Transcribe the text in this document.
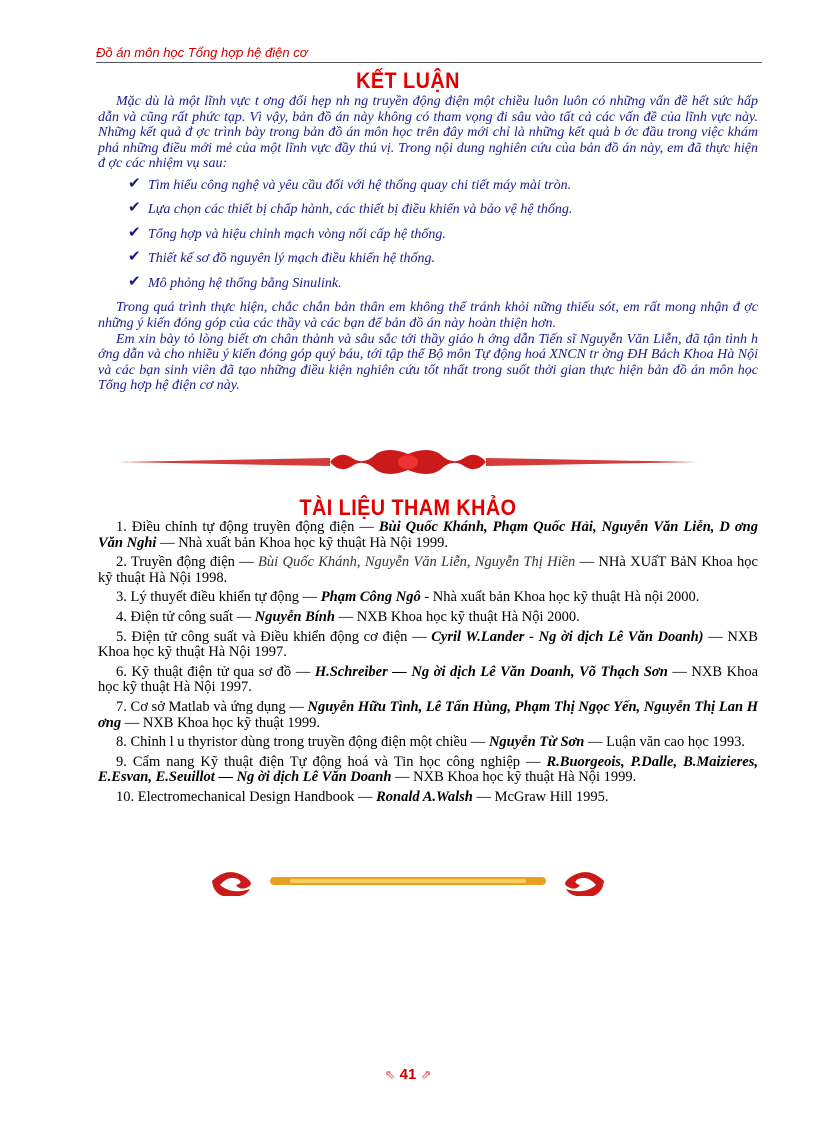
Đồ án môn học Tổng hợp hệ điện cơ
KẾT LUẬN

Mặc dù là một lĩnh vực t ơng đối hẹp nh ng truyền động điện một chiều luôn luôn có những vấn đề hết sức hấp dẫn và cũng rất phức tạp. Vì vậy, bản đồ án này không có tham vọng đi sâu vào tất cả các vấn đề của lĩnh vực này. Những kết quả đ ợc trình bày trong bản đồ án môn học trên đây mới chỉ là những kết quả b ớc đầu trong việc khám phá những điều mới mẻ của một lĩnh vực đầy thú vị. Trong nội dung nghiên cứu của bản đồ án này, em đã thực hiện đ ợc các nhiệm vụ sau:

✔ Tìm hiểu công nghệ và yêu cầu đối với hệ thống quay chi tiết máy mài tròn.
✔ Lựa chọn các thiết bị chấp hành, các thiết bị điều khiển và bảo vệ hệ thống.
✔ Tổng hợp và hiệu chỉnh mạch vòng nối cấp hệ thống.
✔ Thiết kế sơ đồ nguyên lý mạch điều khiển hệ thống.
✔ Mô phỏng hệ thống bằng Sinulink.

Trong quá trình thực hiện, chắc chắn bản thân em không thể tránh khỏi nững thiếu sót, em rất mong nhận đ ợc những ý kiến đóng góp của các thầy và các bạn để bản đồ án này hoàn thiện hơn.

Em xin bày tỏ lòng biết ơn chân thành và sâu sắc tới thầy giáo h ớng dẫn Tiến sĩ Nguyễn Văn Liễn, đã tận tình h ớng dẫn và cho nhiều ý kiến đóng góp quý báu, tới tập thể Bộ môn Tự động hoá XNCN tr ờng ĐH Bách Khoa Hà Nội và các bạn sinh viên đã tạo những điều kiện nghiên cứu tốt nhất trong suốt thời gian thực hiện bản đồ án môn học Tổng hợp hệ điện cơ này.

TÀI LIỆU THAM KHẢO
1. Điều chỉnh tự động truyền động điện — Bùi Quốc Khánh, Phạm Quốc Hải, Nguyễn Văn Liễn, D ơng Văn Nghi — Nhà xuất bản Khoa học kỹ thuật Hà Nội 1999.
2. Truyền động điện — Bùi Quốc Khánh, Nguyễn Văn Liễn, Nguyễn Thị Hiền — NHà XUấT BảN Khoa học kỹ thuật Hà Nội 1998.
3. Lý thuyết điều khiển tự động — Phạm Công Ngô - Nhà xuất bản Khoa học kỹ thuật Hà nội 2000.
4. Điện tử công suất — Nguyễn Bính — NXB Khoa học kỹ thuật Hà Nội 2000.
5. Điện tử công suất và Điều khiển động cơ điện — Cyril W.Lander - Ng ời dịch Lê Văn Doanh) — NXB Khoa học kỹ thuật Hà Nội 1997.
6. Kỹ thuật điện tử qua sơ đồ — H.Schreiber — Ng ời dịch Lê Văn Doanh, Võ Thạch Sơn — NXB Khoa học kỹ thuật Hà Nội 1997.
7. Cơ sở Matlab và ứng dụng — Nguyễn Hữu Tình, Lê Tấn Hùng, Phạm Thị Ngọc Yến, Nguyễn Thị Lan H ơng — NXB Khoa học kỹ thuật 1999.
8. Chỉnh l u thyristor dùng trong truyền động điện một chiều — Nguyễn Từ Sơn — Luận văn cao học 1993.
9. Cẩm nang Kỹ thuật điện Tự động hoá và Tin học công nghiệp — R.Buorgeois, P.Dalle, B.Maizieres, E.Esvan, E.Seuillot — Ng ời dịch Lê Văn Doanh — NXB Khoa học kỹ thuật Hà Nội 1999.
10. Electromechanical Design Handbook — Ronald A.Walsh — McGraw Hill 1995.
⇖ 41 ⇗
